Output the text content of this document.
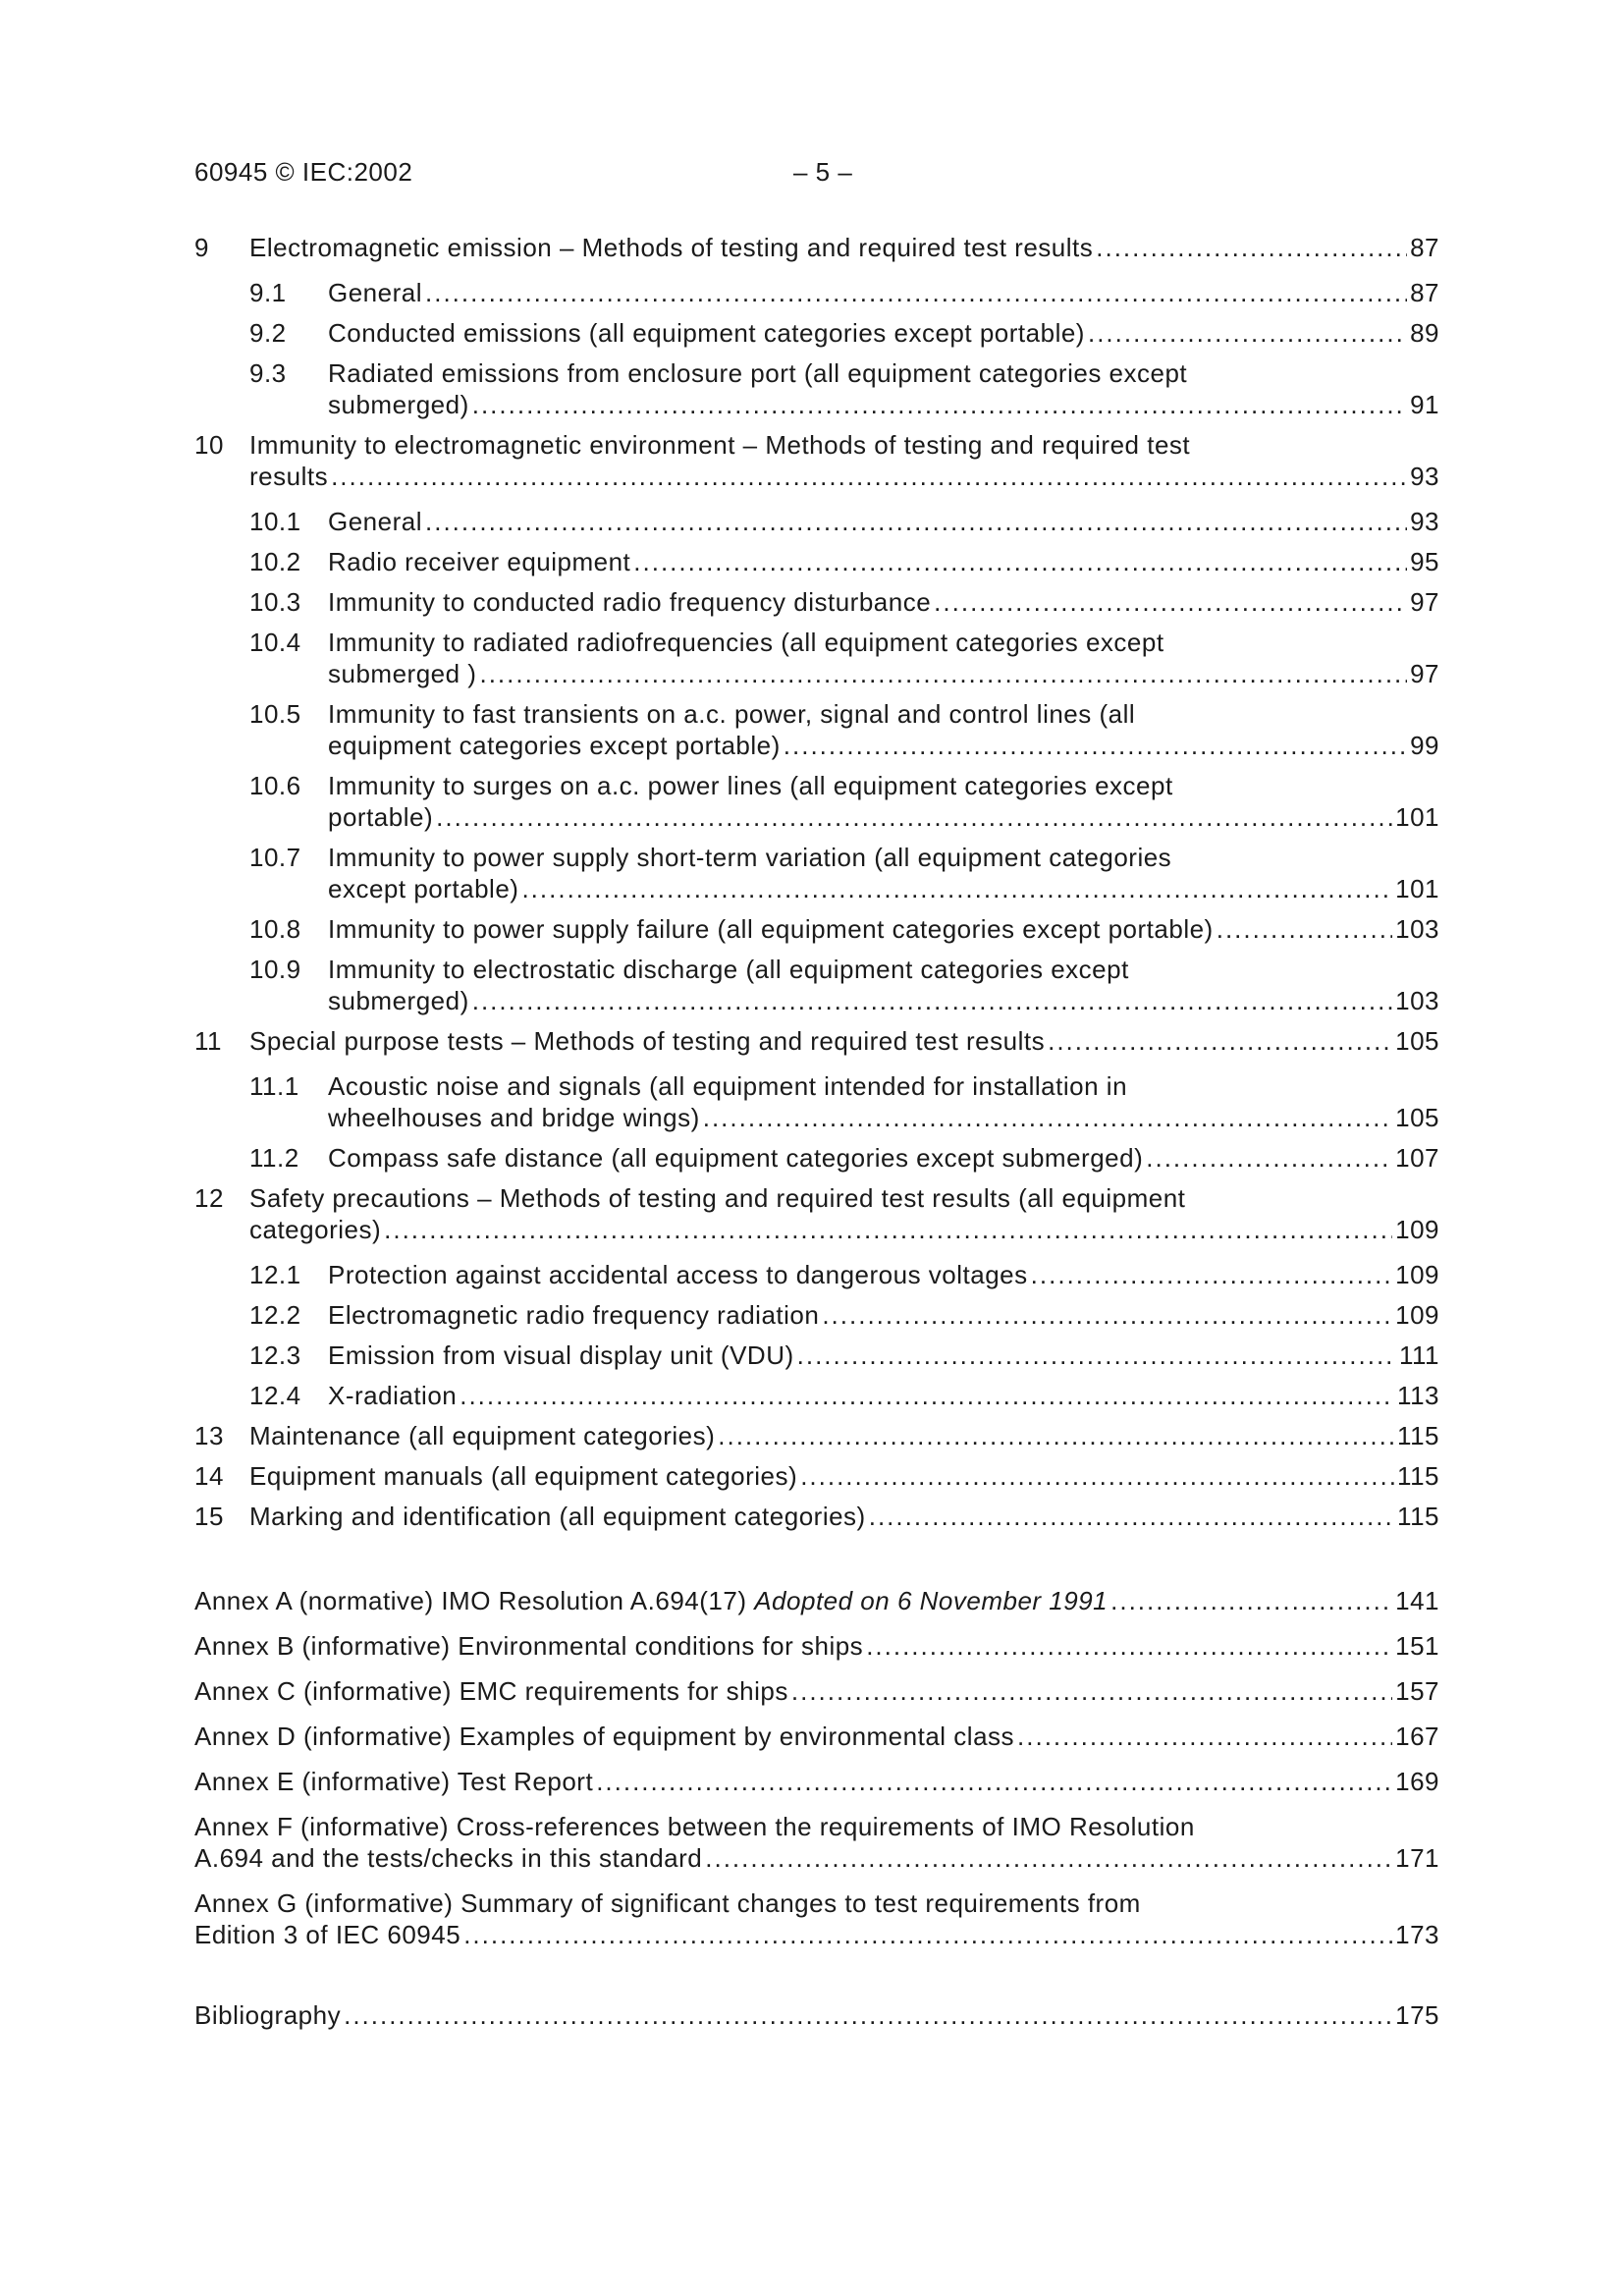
60945 © IEC:2002	– 5 –
9 Electromagnetic emission – Methods of testing and required test results .....	87
9.1 General .....	87
9.2 Conducted emissions (all equipment categories except portable) .....	89
9.3 Radiated emissions from enclosure port (all equipment categories except
submerged) .....	91
10 Immunity to electromagnetic environment – Methods of testing and required test
results .....	93
10.1 General .....	93
10.2 Radio receiver equipment .....	95
10.3 Immunity to conducted radio frequency disturbance .....	97
10.4 Immunity to radiated radiofrequencies (all equipment categories except
submerged ) .....	97
10.5 Immunity to fast transients on a.c. power, signal and control lines (all
equipment categories except portable) .....	99
10.6 Immunity to surges on a.c. power lines (all equipment categories except
portable) .....	101
10.7 Immunity to power supply short-term variation (all equipment categories
except portable) .....	101
10.8 Immunity to power supply failure (all equipment categories except portable) .....	103
10.9 Immunity to electrostatic discharge (all equipment categories except
submerged) .....	103
11 Special purpose tests – Methods of testing and required test results .....	105
11.1 Acoustic noise and signals (all equipment intended for installation in
wheelhouses and bridge wings) .....	105
11.2 Compass safe distance (all equipment categories except submerged) .....	107
12 Safety precautions – Methods of testing and required test results (all equipment
categories) .....	109
12.1 Protection against accidental access to dangerous voltages .....	109
12.2 Electromagnetic radio frequency radiation .....	109
12.3 Emission from visual display unit (VDU) .....	111
12.4 X-radiation .....	113
13 Maintenance (all equipment categories) .....	115
14 Equipment manuals (all equipment categories) .....	115
15 Marking and identification (all equipment categories) .....	115
Annex A (normative) IMO Resolution A.694(17) Adopted on 6 November 1991 .....	141
Annex B (informative) Environmental conditions for ships .....	151
Annex C (informative) EMC requirements for ships .....	157
Annex D (informative) Examples of equipment by environmental class .....	167
Annex E (informative) Test Report .....	169
Annex F (informative) Cross-references between the requirements of IMO Resolution
A.694 and the tests/checks in this standard .....	171
Annex G (informative) Summary of significant changes to test requirements from
Edition 3 of IEC 60945 .....	173
Bibliography .....	175
